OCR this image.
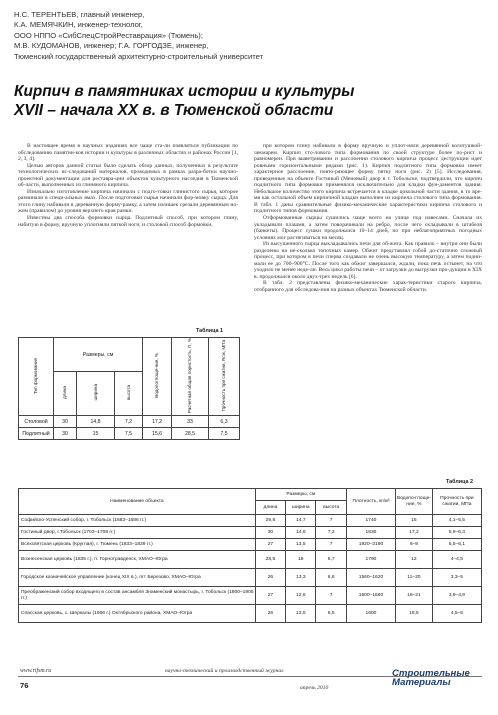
Н.С. ТЕРЕНТЬЕВ, главный инженер,
К.А. МЕМЯЧКИН, инженер-технолог,
ООО НППО «СибСпецСтройРеставрация» (Тюмень);
М.В. КУДОМАНОВ, инженер; Г.А. ГОРГОДЗЕ, инженер,
Тюменский государственный архитектурно-строительный университет
Кирпич в памятниках истории и культуры
XVII – начала XX в. в Тюменской области

В настоящее время в научных изданиях все чаще ста-ли появляться публикации по обследованию памятни-ков истории и культуры в различных областях и районах России [1, 2, 3, 4].

Целью авторов данной статьи было сделать обзор данных, полученных в результате технологических ис-следований материалов, проводимых в рамках разра-ботки научно-проектной документации для реставра-ции объектов культурного наследия в Тюменской об-ласти, выполненных из глиняного кирпича.

Изначально изготовление кирпича начинали с подго-товки глинистого сырья, которое разминали в специ-альных ямах. После подготовки сырья начинали фор-мовку сырца. Для этого глину набивали в деревянную форму-рамку, а затем излишек срезали деревянным но-жом (правилом) до уровня верхнего края рамки.

Известны два способа формовки сырца. Подлитный способ, при котором глину, набитую в форму, вручную уплотняли пяткой ноги, и столовой способ формовки,

при котором глину набивали в форму вручную и уплот-няли деревянной колотушкой-чекмарем. Кирпич сто-лового типа формования по своей структуре более по-рист и равномерен. При выветривании и расслоении столового кирпича процесс деструкции идет ровными горизонтальными рядами (рис. 1). Кирпич подлитного типа формовки имеет характерное расслоение, повто-ряющее форму пятку ноги (рис. 2) [5]. Исследования, проведенные на объекте Гостиный (Меновый) двор в г. Тобольске, подтвердили, что кирпич подлитного типа формовки применялся исключительно для кладки фун-даментов здания. Небольшое количество этого кирпича встречается в кладке цокольной части здания, в то вре-мя как остальной объем кирпичной кладки выполнен из кирпича столового типа формования. В табл. 1 даны сравнительные физико-механические характеристики кирпича столового и подлитного типов формования.

Отформованные сырцы сушились чаще всего на улице под навесами. Сначала их укладывали плашмя, а затем поворачивали на ребро, после чего складывали в штабеля (банкеты). Процесс сушки продолжался 10–14 дней, но при неблагоприятных погодных условиях мог растягиваться на месяц.

Из высушенного сырца выкладывались печи для об-жига. Как правило – внутри они были разделены на не-сколько топочных камер. Обжиг представлял собой до-статочно сложный процесс, при котором в печи сперва создавали не очень высокую температуру, а затем подни-мали ее до 700–900°С. После того как обжиг завершался, ждали, пока печь остынет, на что уходило не менее неде-ли. Весь цикл работы печи – от загрузки до выгрузки про-дукции в XIX в. продолжался около двух-трех недель [6].

В табл. 2 представлены физико-механические харак-теристики старого кирпича, отобранного для обследова-ния на разных объектах Тюменской области.

Таблица 1
Тип формования	Размеры, см			Водопоглоще-ние, %	Расчетная общая пористость, П, %	Прочность при сжатии, Rсж, МПа
	длина	ширина	высота			
Столовой	30	14,8	7,2	17,2	33	6,3
Подлитный	30	15	7,5	15,6	28,5	7,5
Таблица 2
Наименование объекта	Размеры, см			Плотность, кг/м³	Водопо-глоще-ние, %	Прочность при сжатии, МПа
	длина	ширина	высота			
Софийско-Успенский собор, г. Тобольск (1683–1686 гг.)	29,8	14,7	7	1740	15	4,1–5,5
Гостиный двор, г.Тобольск (1703–1708 гг.)	30	14,8	7,2	1830	17,2	5,9–6,3
Всехсвятская церковь (Круглая), г. Тюмень (1833–1839 гг.)	27	13,5	7	1920–2190	6–8	5,5–6,1
Вознесенская церковь (1835 г.), п. Горнотравденск, ХМАО–Югра	28,5	15	6,7	1790	12	4–4,5
Городское казначейское управление (конец XIX в.), пгт Березово, ХМАО–Югра	26	13,3	6,8	1560–1620	11–20	3,3–5
Преображенский собор входящего в состав ансамбля Знаменский монастырь, г. Тобольск (1900–1905 гг.)	27	12,6	7	1600–1660	16–21	3,9–4,9
Спасская церковь, с. Шеркалы (1906 г.) Октябрьского района, ХМАО–Югра	26	13,5	6,5	1600	18,5	4,5–5
www.rifsm.ru	научно-технический и производственный журнал
76	апрель 2010
Строительные
Материалы
